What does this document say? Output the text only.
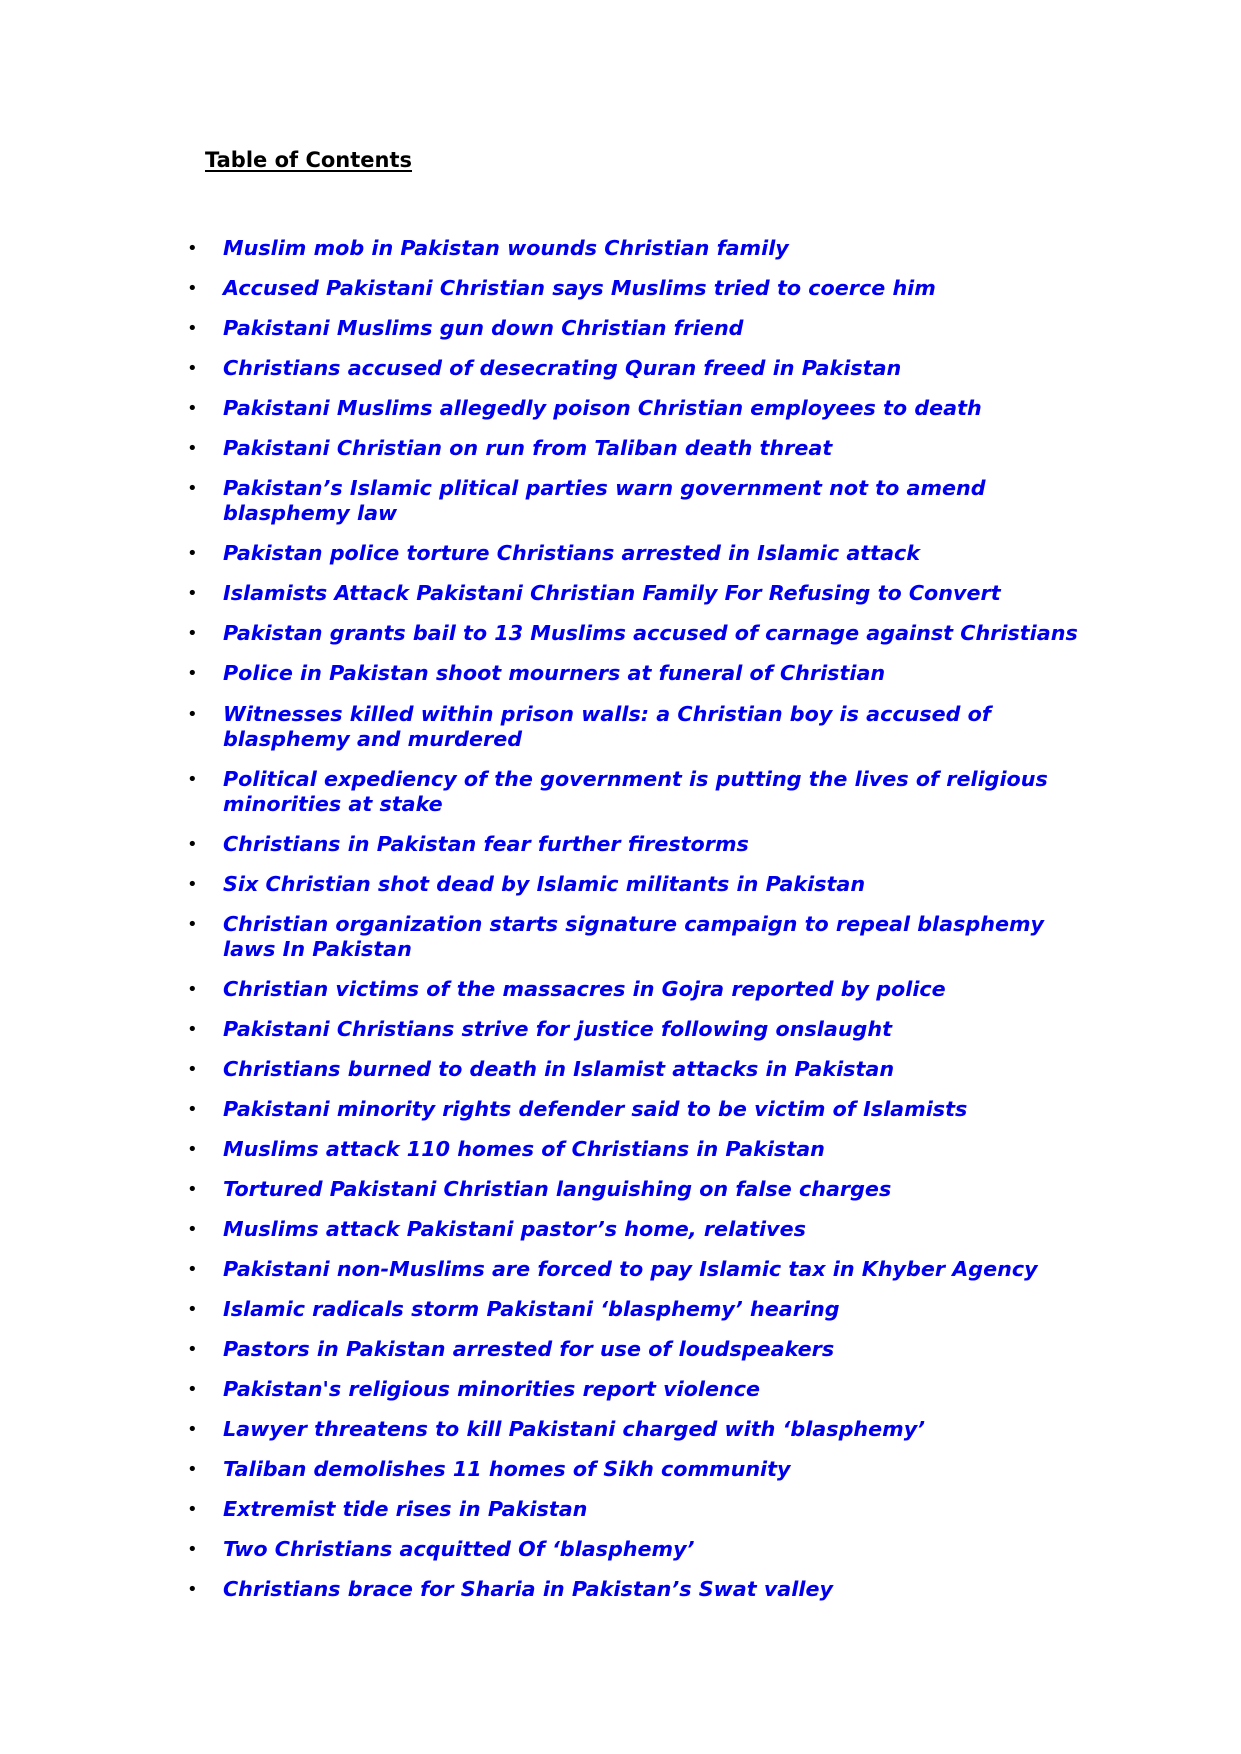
Table of Contents
• Muslim mob in Pakistan wounds Christian family
• Accused Pakistani Christian says Muslims tried to coerce him
• Pakistani Muslims gun down Christian friend
• Christians accused of desecrating Quran freed in Pakistan
• Pakistani Muslims allegedly poison Christian employees to death
• Pakistani Christian on run from Taliban death threat
• Pakistan’s Islamic plitical parties warn government not to amend blasphemy law
• Pakistan police torture Christians arrested in Islamic attack
• Islamists Attack Pakistani Christian Family For Refusing to Convert
• Pakistan grants bail to 13 Muslims accused of carnage against Christians
• Police in Pakistan shoot mourners at funeral of Christian
• Witnesses killed within prison walls: a Christian boy is accused of blasphemy and murdered
• Political expediency of the government is putting the lives of religious minorities at stake
• Christians in Pakistan fear further firestorms
• Six Christian shot dead by Islamic militants in Pakistan
• Christian organization starts signature campaign to repeal blasphemy laws In Pakistan
• Christian victims of the massacres in Gojra reported by police
• Pakistani Christians strive for justice following onslaught
• Christians burned to death in Islamist attacks in Pakistan
• Pakistani minority rights defender said to be victim of Islamists
• Muslims attack 110 homes of Christians in Pakistan
• Tortured Pakistani Christian languishing on false charges
• Muslims attack Pakistani pastor’s home, relatives
• Pakistani non-Muslims are forced to pay Islamic tax in Khyber Agency
• Islamic radicals storm Pakistani ‘blasphemy’ hearing
• Pastors in Pakistan arrested for use of loudspeakers
• Pakistan's religious minorities report violence
• Lawyer threatens to kill Pakistani charged with ‘blasphemy’
• Taliban demolishes 11 homes of Sikh community
• Extremist tide rises in Pakistan
• Two Christians acquitted Of ‘blasphemy’
• Christians brace for Sharia in Pakistan’s Swat valley
